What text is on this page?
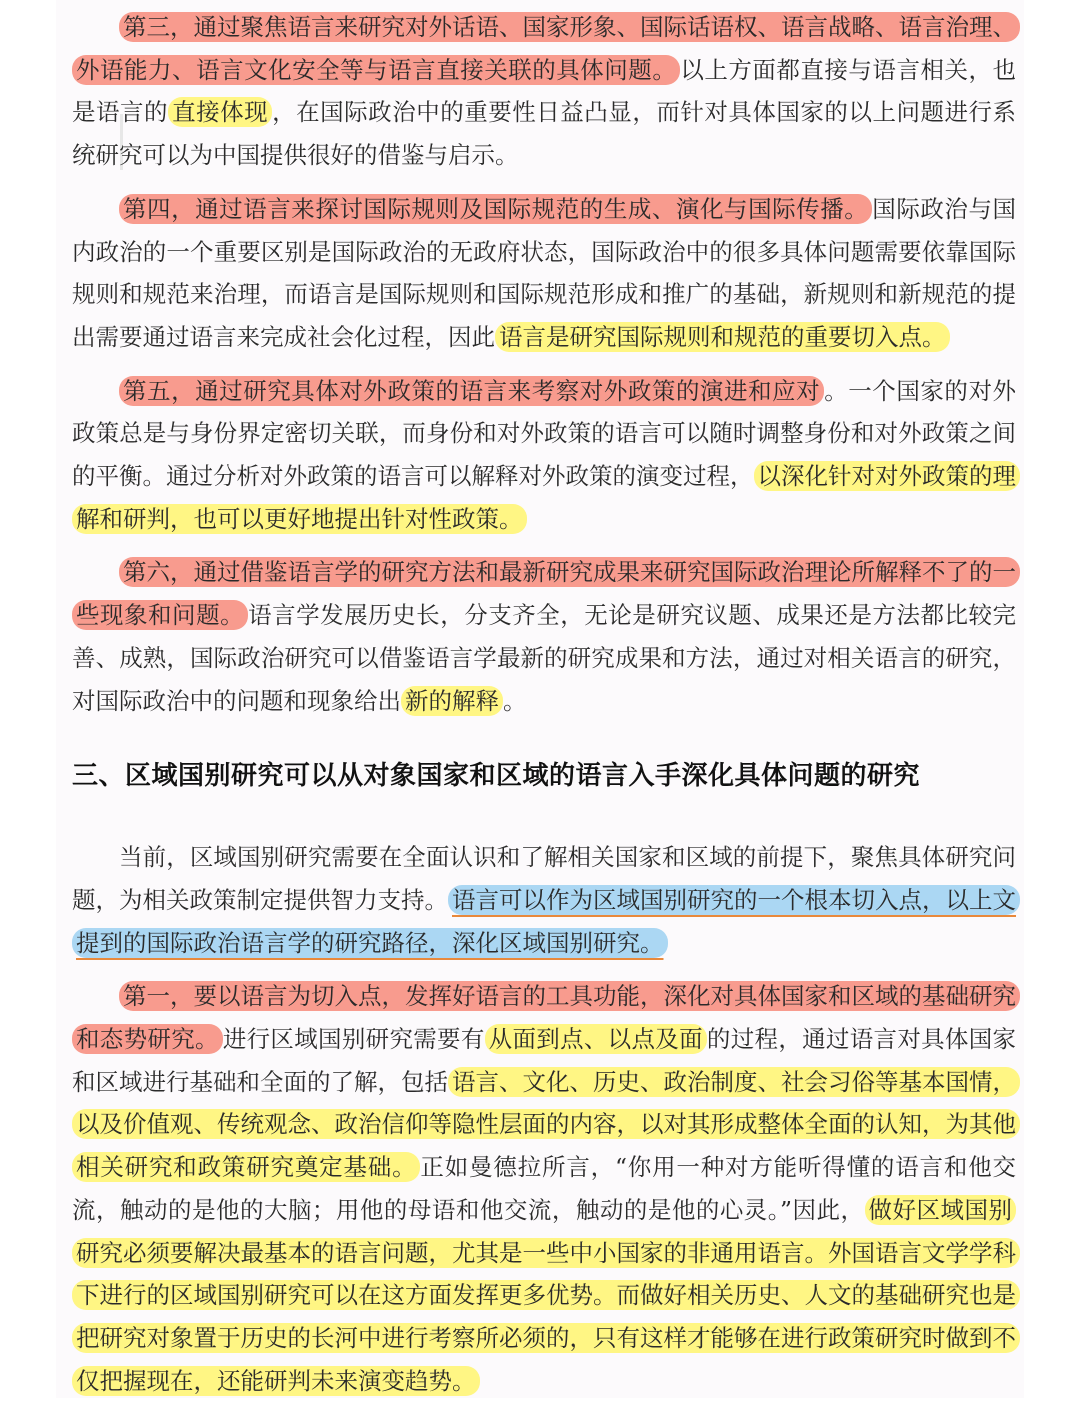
第三，通过聚焦语言来研究对外话语、国家形象、国际话语权、语言战略、语言治理、外语能力、语言文化安全等与语言直接关联的具体问题。 以上方面都直接与语言相关，也是语言的 直接体现 ，在国际政治中的重要性日益凸显，而针对具体国家的以上问题进行系统研究可以为中国提供很好的借鉴与启示。

第四，通过语言来探讨国际规则及国际规范的生成、演化与国际传播。 国际政治与国内政治的一个重要区别是国际政治的无政府状态，国际政治中的很多具体问题需要依靠国际规则和规范来治理，而语言是国际规则和国际规范形成和推广的基础，新规则和新规范的提出需要通过语言来完成社会化过程，因此 语言是研究国际规则和规范的重要切入点。

第五，通过研究具体对外政策的语言来考察对外政策的演进和应对 。一个国家的对外政策总是与身份界定密切关联，而身份和对外政策的语言可以随时调整身份和对外政策之间的平衡。通过分析对外政策的语言可以解释对外政策的演变过程， 以深化针对对外政策的理解和研判，也可以更好地提出针对性政策。

第六，通过借鉴语言学的研究方法和最新研究成果来研究国际政治理论所解释不了的一些现象和问题。 语言学发展历史长，分支齐全，无论是研究议题、成果还是方法都比较完善、成熟，国际政治研究可以借鉴语言学最新的研究成果和方法，通过对相关语言的研究，对国际政治中的问题和现象给出 新的解释 。

三、区域国别研究可以从对象国家和区域的语言入手深化具体问题的研究

当前，区域国别研究需要在全面认识和了解相关国家和区域的前提下，聚焦具体研究问题，为相关政策制定提供智力支持。 语言可以作为区域国别研究的一个根本切入点，以上文提到的国际政治语言学的研究路径，深化区域国别研究。

第一，要以语言为切入点，发挥好语言的工具功能，深化对具体国家和区域的基础研究和态势研究。 进行区域国别研究需要有 从面到点、以点及面 的过程，通过语言对具体国家和区域进行基础和全面的了解，包括 语言、文化、历史、政治制度、社会习俗等基本国情，以及价值观、传统观念、政治信仰等隐性层面的内容，以对其形成整体全面的认知，为其他相关研究和政策研究奠定基础。 正如曼德拉所言，“你用一种对方能听得懂的语言和他交流，触动的是他的大脑；用他的母语和他交流，触动的是他的心灵。”因此， 做好区域国别研究必须要解决最基本的语言问题，尤其是一些中小国家的非通用语言。外国语言文学学科下进行的区域国别研究可以在这方面发挥更多优势。而做好相关历史、人文的基础研究也是把研究对象置于历史的长河中进行考察所必须的，只有这样才能够在进行政策研究时做到不仅把握现在，还能研判未来演变趋势。
